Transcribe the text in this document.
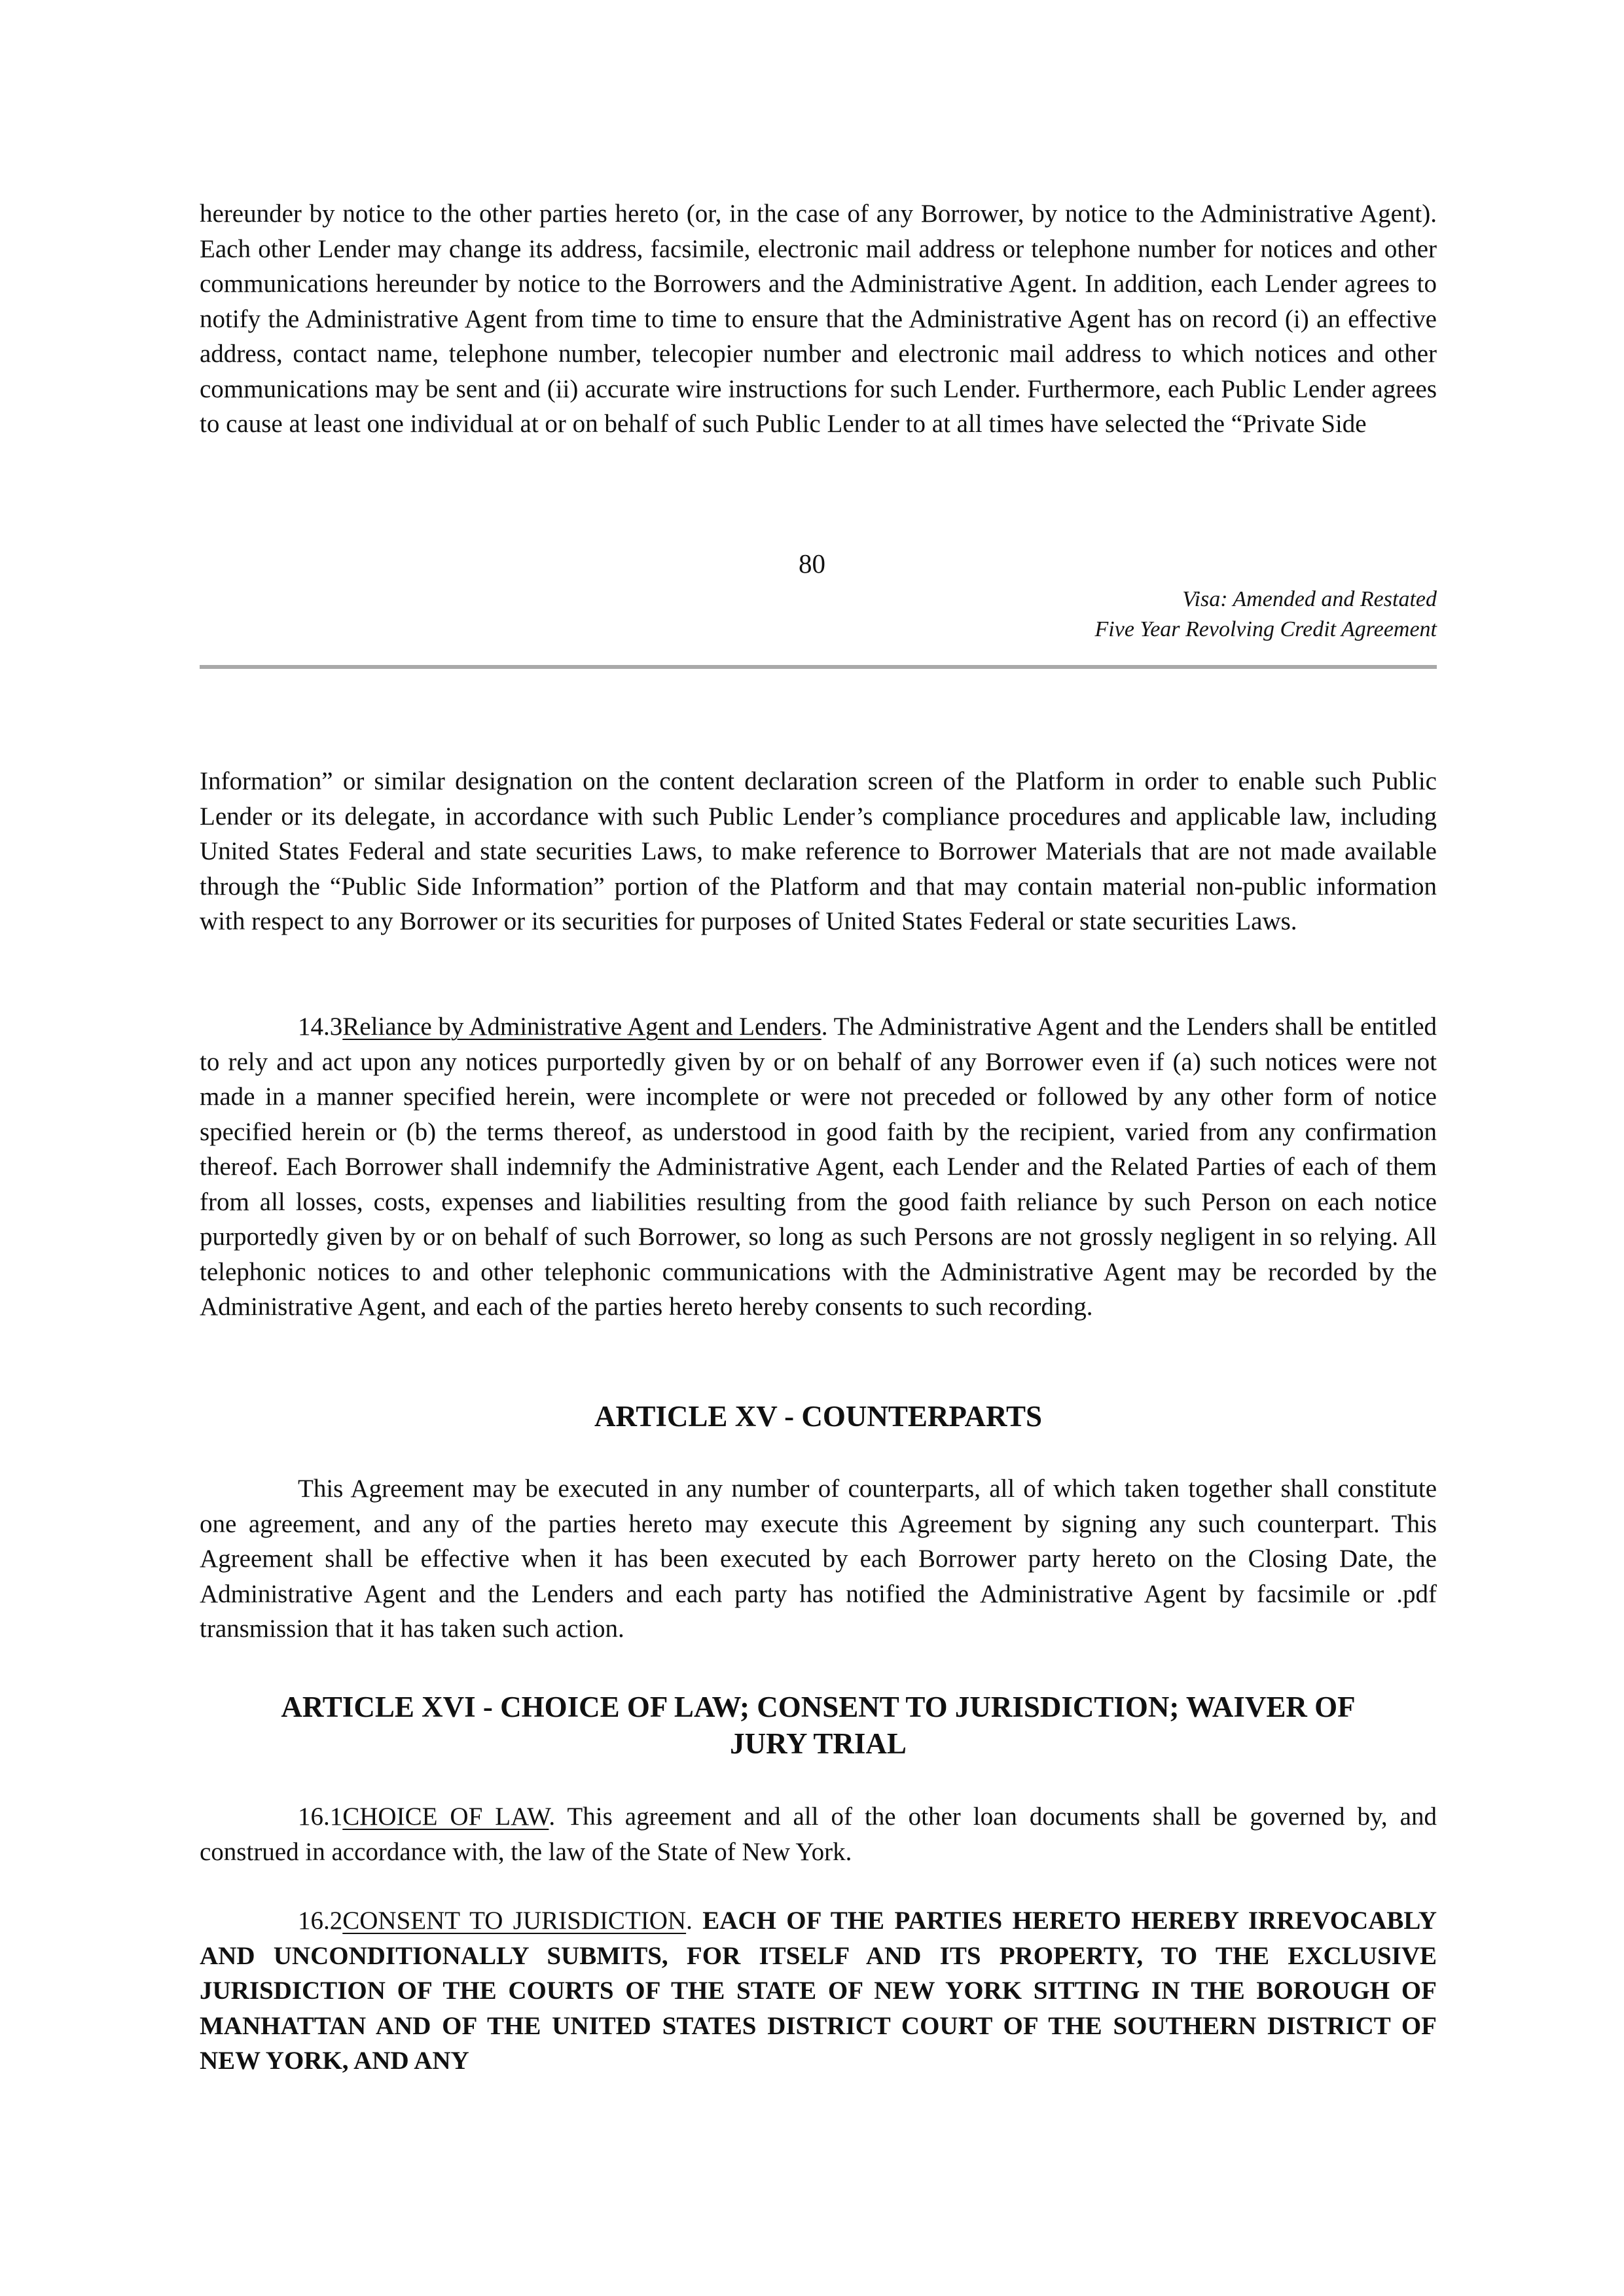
hereunder by notice to the other parties hereto (or, in the case of any Borrower, by notice to the Administrative Agent). Each other Lender may change its address, facsimile, electronic mail address or telephone number for notices and other communications hereunder by notice to the Borrowers and the Administrative Agent. In addition, each Lender agrees to notify the Administrative Agent from time to time to ensure that the Administrative Agent has on record (i) an effective address, contact name, telephone number, telecopier number and electronic mail address to which notices and other communications may be sent and (ii) accurate wire instructions for such Lender. Furthermore, each Public Lender agrees to cause at least one individual at or on behalf of such Public Lender to at all times have selected the “Private Side

80

Visa: Amended and Restated
Five Year Revolving Credit Agreement

Information” or similar designation on the content declaration screen of the Platform in order to enable such Public Lender or its delegate, in accordance with such Public Lender’s compliance procedures and applicable law, including United States Federal and state securities Laws, to make reference to Borrower Materials that are not made available through the “Public Side Information” portion of the Platform and that may contain material non-public information with respect to any Borrower or its securities for purposes of United States Federal or state securities Laws.

14.3Reliance by Administrative Agent and Lenders. The Administrative Agent and the Lenders shall be entitled to rely and act upon any notices purportedly given by or on behalf of any Borrower even if (a) such notices were not made in a manner specified herein, were incomplete or were not preceded or followed by any other form of notice specified herein or (b) the terms thereof, as understood in good faith by the recipient, varied from any confirmation thereof. Each Borrower shall indemnify the Administrative Agent, each Lender and the Related Parties of each of them from all losses, costs, expenses and liabilities resulting from the good faith reliance by such Person on each notice purportedly given by or on behalf of such Borrower, so long as such Persons are not grossly negligent in so relying. All telephonic notices to and other telephonic communications with the Administrative Agent may be recorded by the Administrative Agent, and each of the parties hereto hereby consents to such recording.

ARTICLE XV - COUNTERPARTS

This Agreement may be executed in any number of counterparts, all of which taken together shall constitute one agreement, and any of the parties hereto may execute this Agreement by signing any such counterpart. This Agreement shall be effective when it has been executed by each Borrower party hereto on the Closing Date, the Administrative Agent and the Lenders and each party has notified the Administrative Agent by facsimile or .pdf transmission that it has taken such action.

ARTICLE XVI - CHOICE OF LAW; CONSENT TO JURISDICTION; WAIVER OF
JURY TRIAL

16.1CHOICE OF LAW. This agreement and all of the other loan documents shall be governed by, and construed in accordance with, the law of the State of New York.

16.2CONSENT TO JURISDICTION. EACH OF THE PARTIES HERETO HEREBY IRREVOCABLY AND UNCONDITIONALLY SUBMITS, FOR ITSELF AND ITS PROPERTY, TO THE EXCLUSIVE JURISDICTION OF THE COURTS OF THE STATE OF NEW YORK SITTING IN THE BOROUGH OF MANHATTAN AND OF THE UNITED STATES DISTRICT COURT OF THE SOUTHERN DISTRICT OF NEW YORK, AND ANY
